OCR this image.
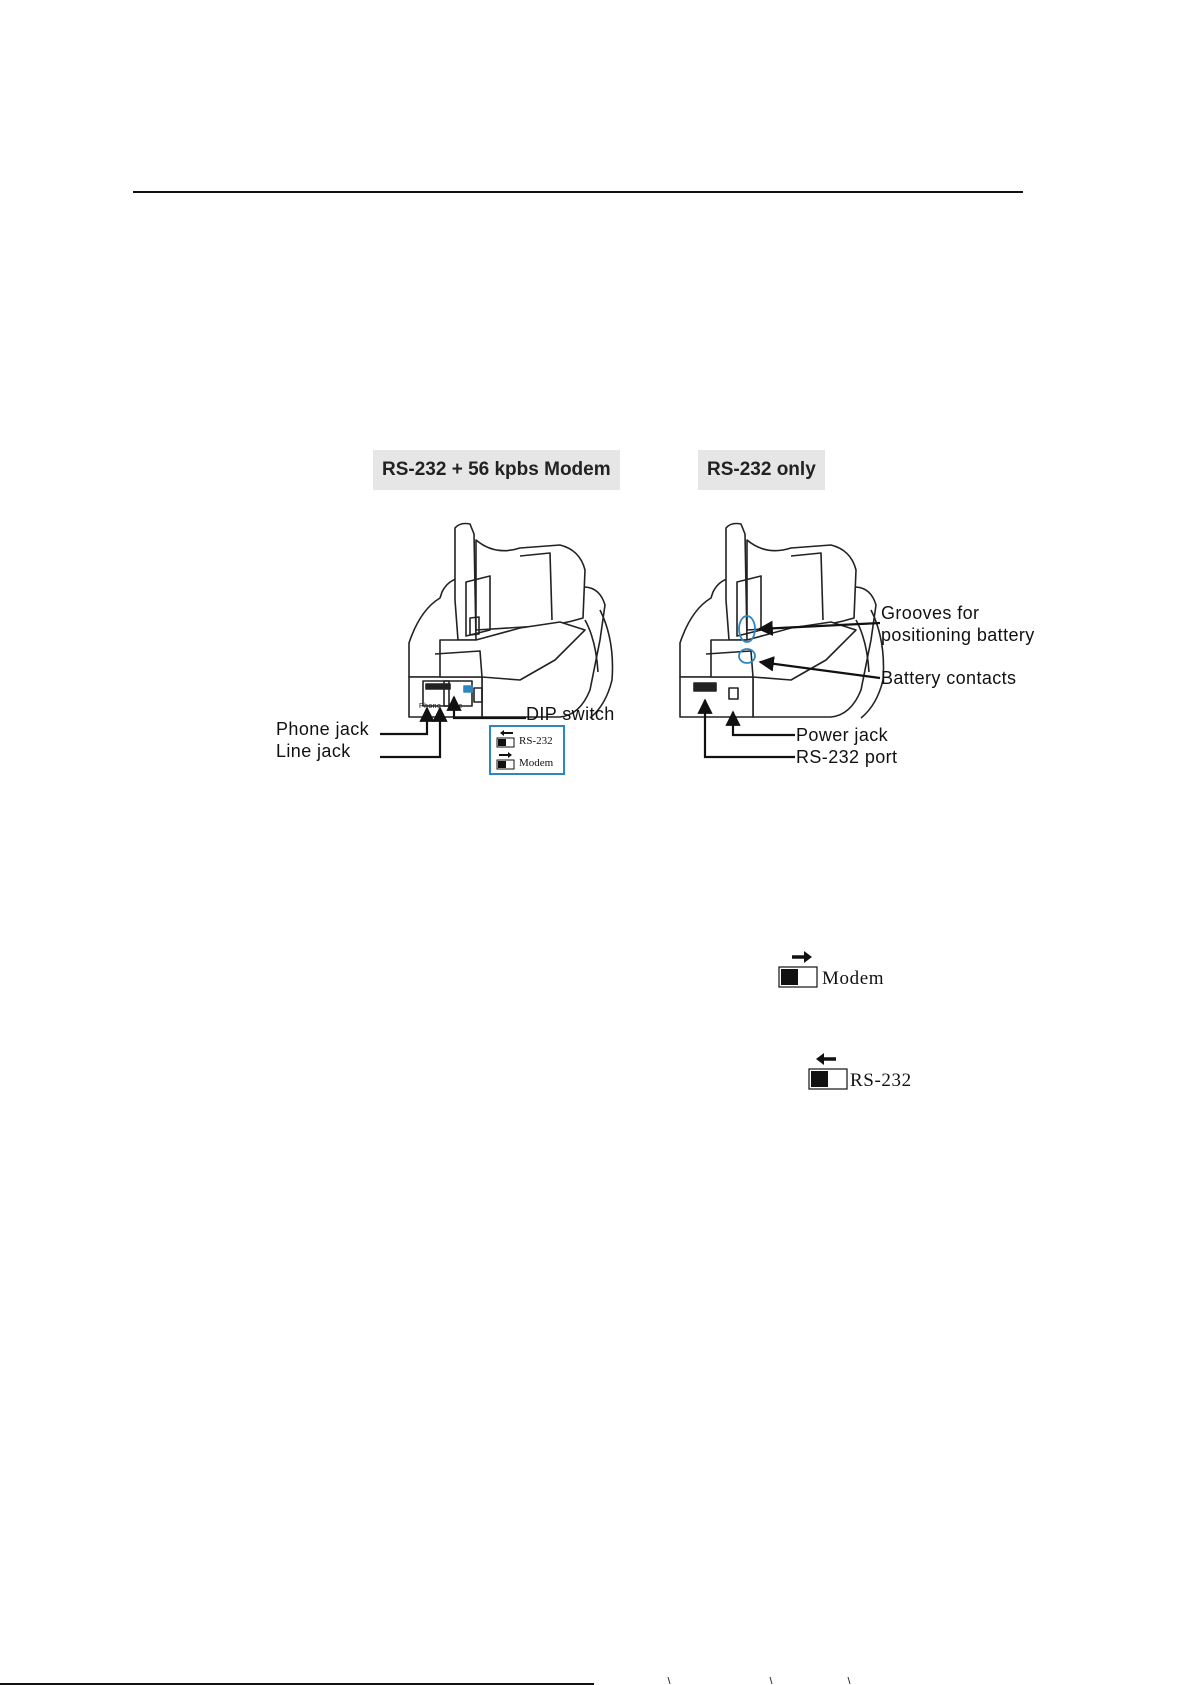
RS-232 + 56 kpbs Modem	RS-232 only
Phone Line
Phone jack
Line jack
DIP switch
RS-232
Modem
Grooves for
positioning battery
Battery contacts
Power jack
RS-232 port
Modem
RS-232
